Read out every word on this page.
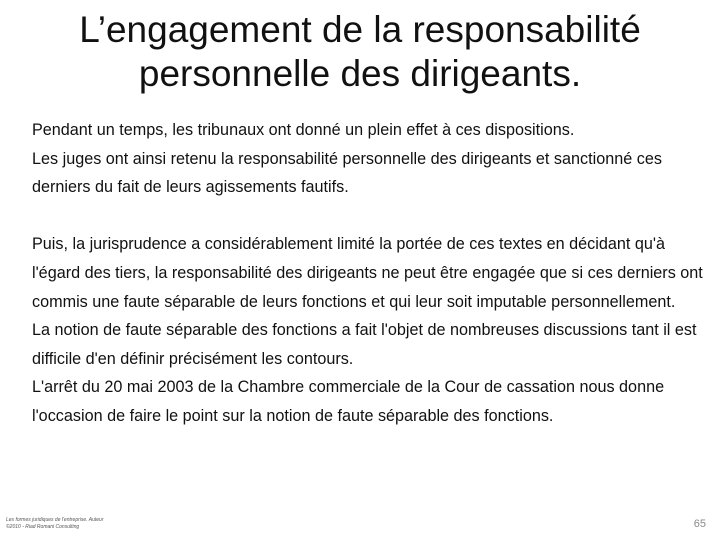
L’engagement de la responsabilité
personnelle des dirigeants.

Pendant un temps, les tribunaux ont donné un plein effet à ces dispositions.

Les juges ont ainsi retenu la responsabilité personnelle des dirigeants et sanctionné ces derniers du fait de leurs agissements fautifs.

Puis, la jurisprudence a considérablement limité la portée de ces textes en décidant qu'à l'égard des tiers, la responsabilité des dirigeants ne peut être engagée que si ces derniers ont commis une faute séparable de leurs fonctions et qui leur soit imputable personnellement.

La notion de faute séparable des fonctions a fait l'objet de nombreuses discussions tant il est difficile d'en définir précisément les contours.

L'arrêt du 20 mai 2003 de la Chambre commerciale de la Cour de cassation nous donne l'occasion de faire le point sur la notion de faute séparable des fonctions.

Les formes juridiques de l'entreprise. Auteur
©2010 - Riad Romani Consulting	65
